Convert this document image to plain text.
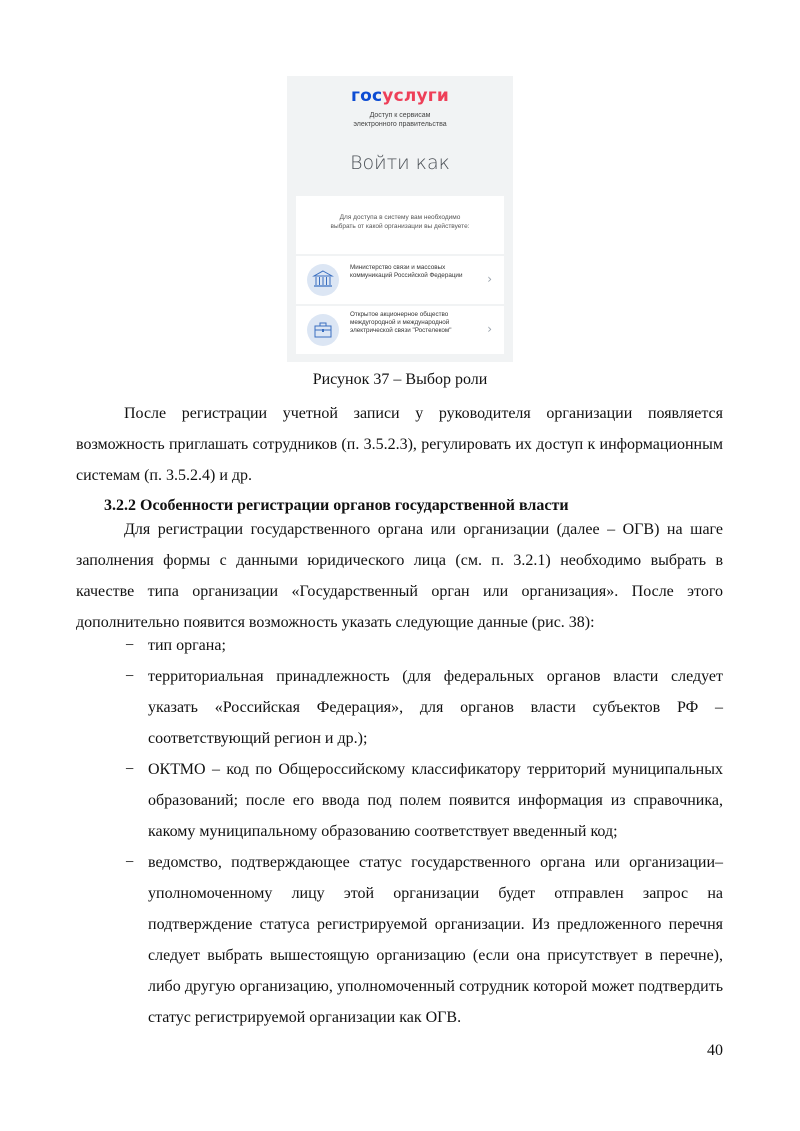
госуслуги
Доступ к сервисам
электронного правительства
Войти как
Для доступа в систему вам необходимо
выбрать от какой организации вы действуете:
Министерство связи и массовых коммуникаций Российской Федерации	›
Открытое акционерное общество междугородной и международной электрической связи "Ростелеком"	›
Рисунок 37 – Выбор роли

После регистрации учетной записи у руководителя организации появляется возможность приглашать сотрудников (п. 3.5.2.3), регулировать их доступ к информационным системам (п. 3.5.2.4) и др.

3.2.2 Особенности регистрации органов государственной власти

Для регистрации государственного органа или организации (далее – ОГВ) на шаге заполнения формы с данными юридического лица (см. п. 3.2.1) необходимо выбрать в качестве типа организации «Государственный орган или организация». После этого дополнительно появится возможность указать следующие данные (рис. 38):

− тип органа;
− территориальная принадлежность (для федеральных органов власти следует указать «Российская Федерация», для органов власти субъектов РФ – соответствующий регион и др.);
− ОКТМО – код по Общероссийскому классификатору территорий муниципальных образований; после его ввода под полем появится информация из справочника, какому муниципальному образованию соответствует введенный код;
− ведомство, подтверждающее статус государственного органа или организации– уполномоченному лицу этой организации будет отправлен запрос на подтверждение статуса регистрируемой организации. Из предложенного перечня следует выбрать вышестоящую организацию (если она присутствует в перечне), либо другую организацию, уполномоченный сотрудник которой может подтвердить статус регистрируемой организации как ОГВ.
40
